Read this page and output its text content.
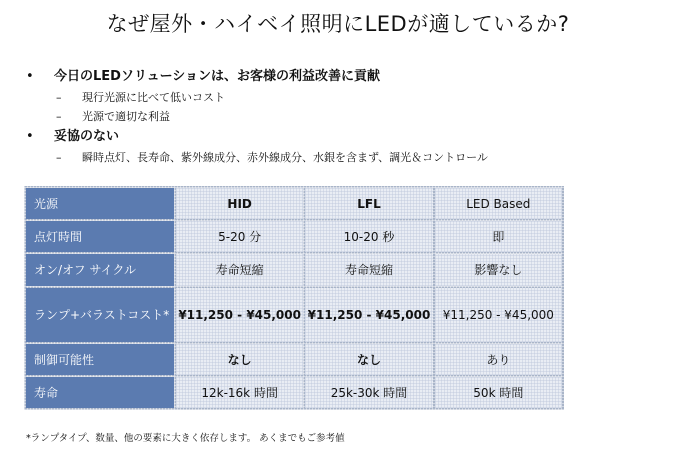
なぜ屋外・ハイベイ照明にLEDが適しているか?
• 今日のLEDソリューションは、お客様の利益改善に貢献
– 現行光源に比べて低いコスト
– 光源で適切な利益
• 妥協のない
– 瞬時点灯、長寿命、紫外線成分、赤外線成分、水銀を含まず、調光＆コントロール
光源	HID	LFL	LED Based
点灯時間	5-20 分	10-20 秒	即
オン/オフ サイクル	寿命短縮	寿命短縮	影響なし
ランプ+バラストコスト*	¥11,250 - ¥45,000	¥11,250 - ¥45,000	¥11,250 - ¥45,000
制御可能性	なし	なし	あり
寿命	12k-16k 時間	25k-30k 時間	50k 時間
*ランプタイプ、数量、他の要素に大きく依存します。 あくまでもご参考値
